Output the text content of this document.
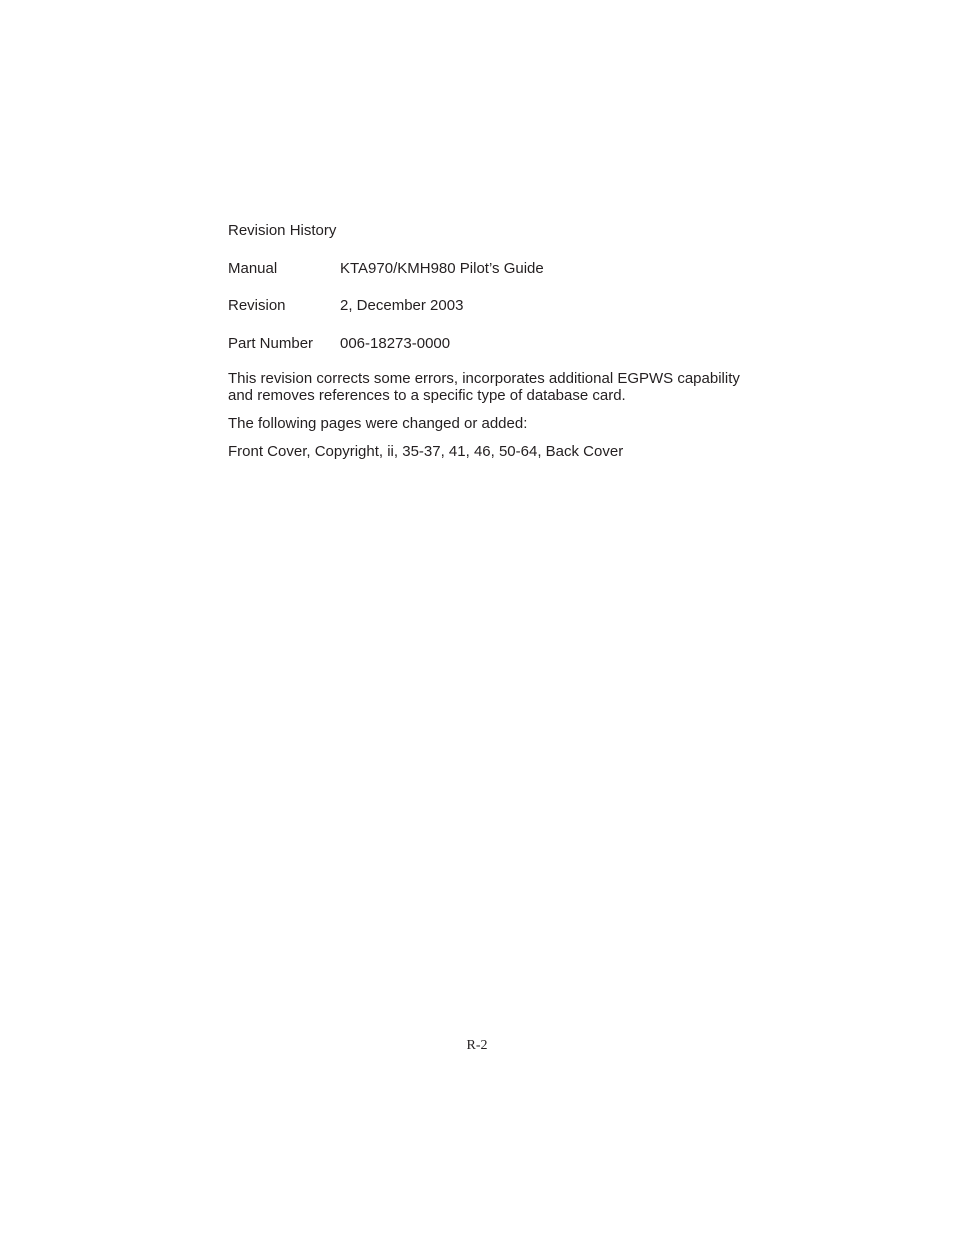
Revision History
Manual	KTA970/KMH980 Pilot’s Guide
Revision	2, December 2003
Part Number	006-18273-0000

This revision corrects some errors, incorporates additional EGPWS capability and removes references to a specific type of database card.

The following pages were changed or added:

Front Cover, Copyright, ii, 35-37, 41, 46, 50-64, Back Cover

R-2
